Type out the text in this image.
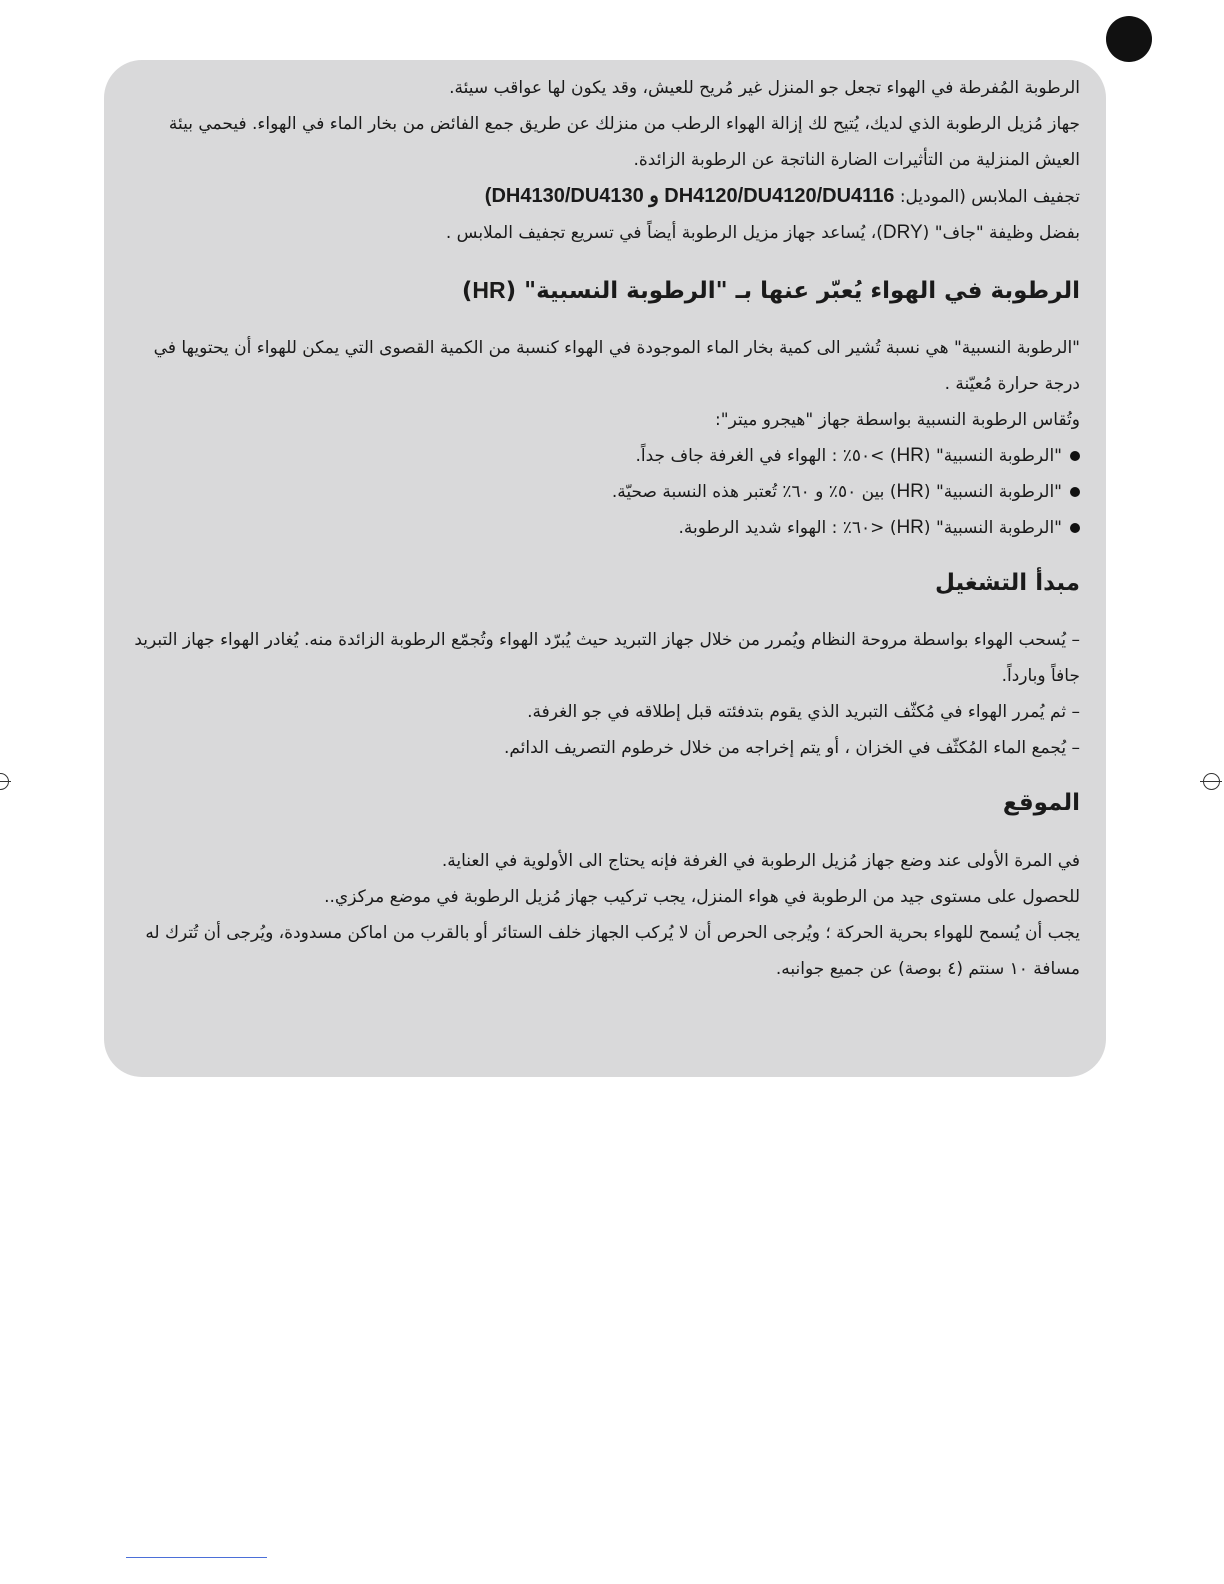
الرطوبة المُفرطة في الهواء تجعل جو المنزل غير مُريح للعيش، وقد يكون لها عواقب سيئة.

جهاز مُزيل الرطوبة الذي لديك، يُتيح لك إزالة الهواء الرطب من منزلك عن طريق جمع الفائض من بخار الماء في الهواء. فيحمي بيئة العيش المنزلية من التأثيرات الضارة الناتجة عن الرطوبة الزائدة.

تجفيف الملابس (الموديل: DH4120/DU4120/DU4116 و DH4130/DU4130)

بفضل وظيفة "جاف" (DRY)، يُساعد جهاز مزيل الرطوبة أيضاً في تسريع تجفيف الملابس .

الرطوبة في الهواء يُعبّر عنها بـ "الرطوبة النسبية" (HR)

"الرطوبة النسبية" هي نسبة تُشير الى كمية بخار الماء الموجودة في الهواء كنسبة من الكمية القصوى التي يمكن للهواء أن يحتويها في درجة حرارة مُعيّنة .

وتُقاس الرطوبة النسبية بواسطة جهاز "هيجرو ميتر":

"الرطوبة النسبية" (HR) >٥٠٪ : الهواء في الغرفة جاف جداً.
"الرطوبة النسبية" (HR) بين ٥٠٪ و ٦٠٪ تُعتبر هذه النسبة صحيّة.
"الرطوبة النسبية" (HR) <٦٠٪ : الهواء شديد الرطوبة.
مبدأ التشغيل

– يُسحب الهواء بواسطة مروحة النظام ويُمرر من خلال جهاز التبريد حيث يُبرّد الهواء وتُجمّع الرطوبة الزائدة منه. يُغادر الهواء جهاز التبريد جافاً وبارداً.

– ثم يُمرر الهواء في مُكثّف التبريد الذي يقوم بتدفئته قبل إطلاقه في جو الغرفة.

– يُجمع الماء المُكثّف في الخزان ، أو يتم إخراجه من خلال خرطوم التصريف الدائم.

الموقع

في المرة الأولى عند وضع جهاز مُزيل الرطوبة في الغرفة فإنه يحتاج الى الأولوية في العناية.

للحصول على مستوى جيد من الرطوبة في هواء المنزل، يجب تركيب جهاز مُزيل الرطوبة في موضع مركزي..

يجب أن يُسمح للهواء بحرية الحركة ؛ ويُرجى الحرص أن لا يُركب الجهاز خلف الستائر أو بالقرب من اماكن مسدودة، ويُرجى أن تُترك له مسافة ١٠ سنتم (٤ بوصة) عن جميع جوانبه.
